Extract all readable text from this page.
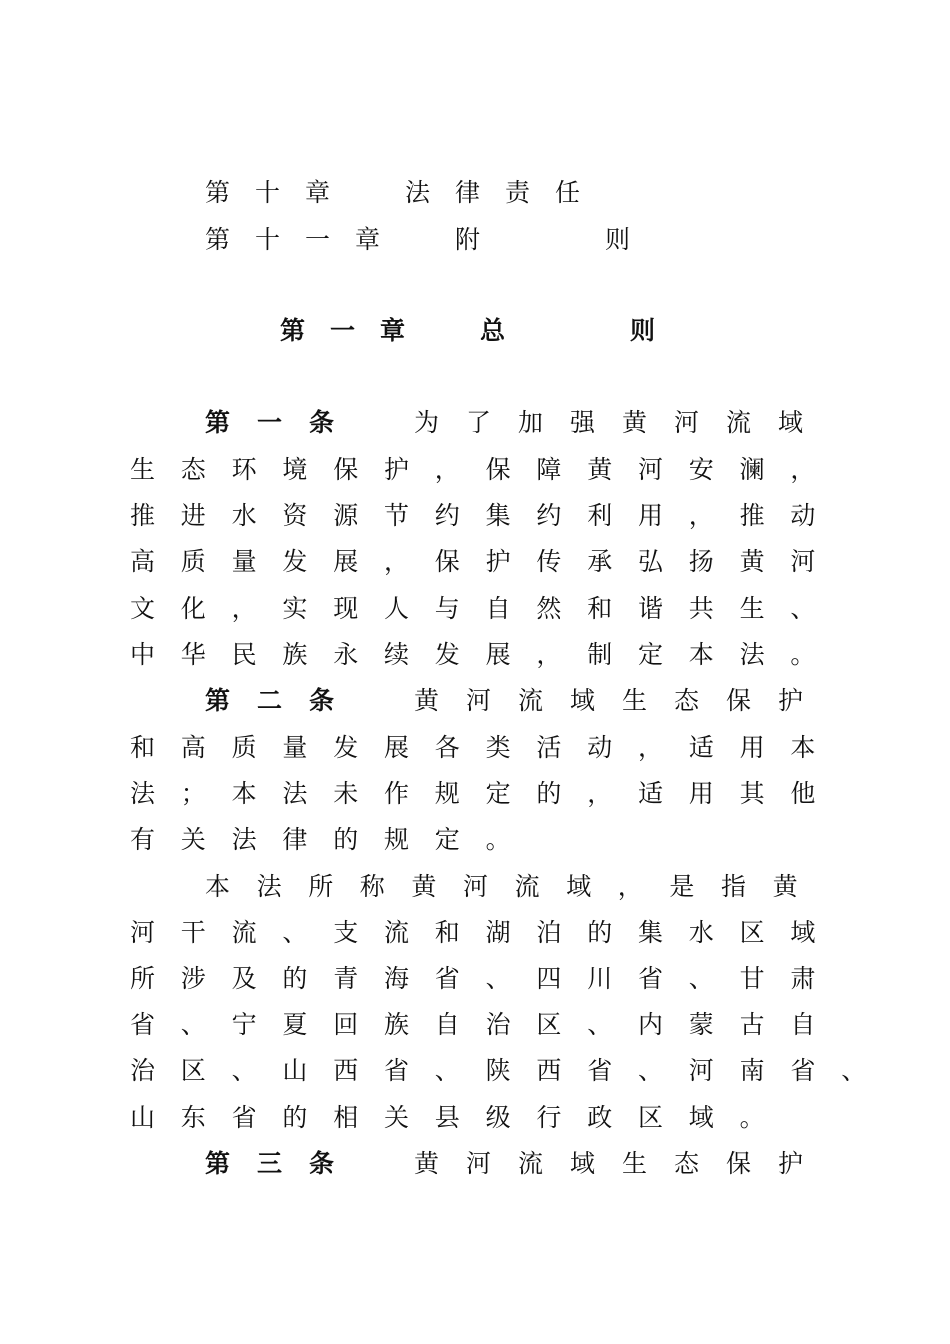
第 十 章	法 律 责 任
第 十 一 章	附	则
第 一 章	总	则
第 一 条	为 了 加 强 黄 河 流 域
生 态 环 境 保 护 ， 保 障 黄 河 安 澜 ，
推 进 水 资 源 节 约 集 约 利 用 ， 推 动
高 质 量 发 展 ， 保 护 传 承 弘 扬 黄 河
文 化 ， 实 现 人 与 自 然 和 谐 共 生 、
中 华 民 族 永 续 发 展 ， 制 定 本 法 。
第 二 条	黄 河 流 域 生 态 保 护
和 高 质 量 发 展 各 类 活 动 ， 适 用 本
法 ； 本 法 未 作 规 定 的 ， 适 用 其 他
有 关 法 律 的 规 定 。
本 法 所 称 黄 河 流 域 ， 是 指 黄
河 干 流 、 支 流 和 湖 泊 的 集 水 区 域
所 涉 及 的 青 海 省 、 四 川 省 、 甘 肃
省 、 宁 夏 回 族 自 治 区 、 内 蒙 古 自
治 区 、 山 西 省 、 陕 西 省 、 河 南 省 、
山 东 省 的 相 关 县 级 行 政 区 域 。
第 三 条	黄 河 流 域 生 态 保 护
